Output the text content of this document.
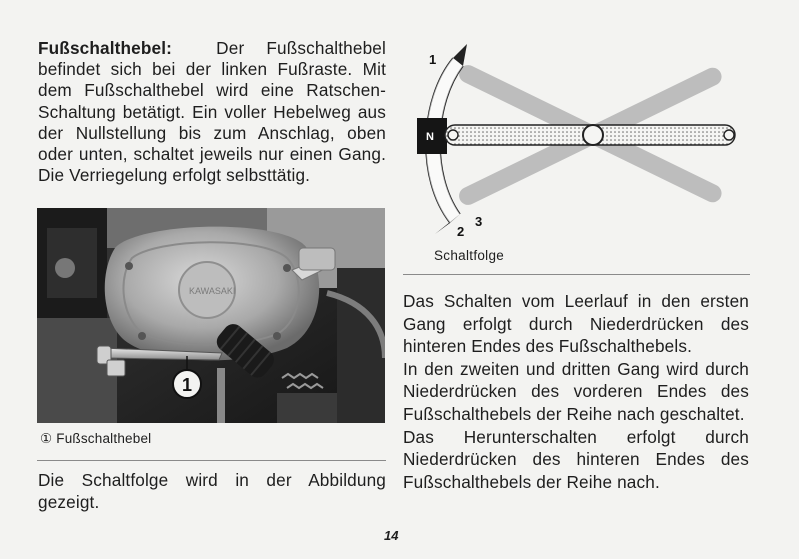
Fußschalthebel:	Der Fußschalthebel befindet sich bei der linken Fußraste. Mit dem Fußschalthebel wird eine Ratschen-Schaltung betätigt. Ein voller Hebelweg aus der Nullstellung bis zum Anschlag, oben oder unten, schaltet jeweils nur einen Gang. Die Verriegelung erfolgt selbsttätig.
KAWASAKI
1
① Fußschalthebel
Die Schaltfolge wird in der Abbildung gezeigt.
1
N
2
3
Schaltfolge

Das Schalten vom Leerlauf in den ersten Gang erfolgt durch Niederdrücken des hinteren Endes des Fußschalthebels.

In den zweiten und dritten Gang wird durch Niederdrücken des vorderen Endes des Fußschalthebels der Reihe nach geschaltet.

Das Herunterschalten erfolgt durch Niederdrücken des hinteren Endes des Fußschalthebels der Reihe nach.

14
